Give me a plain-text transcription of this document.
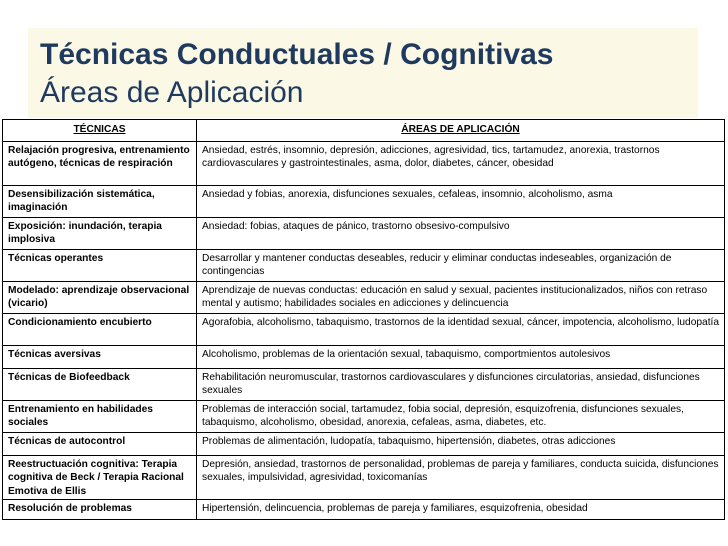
Técnicas Conductuales / Cognitivas
Áreas de Aplicación
TÉCNICAS	ÁREAS DE APLICACIÓN
Relajación progresiva, entrenamiento autógeno, técnicas de respiración	Ansiedad, estrés, insomnio, depresión, adicciones, agresividad, tics, tartamudez, anorexia, trastornos cardiovasculares y gastrointestinales, asma, dolor, diabetes, cáncer, obesidad
Desensibilización sistemática, imaginación	Ansiedad y fobias, anorexia, disfunciones sexuales, cefaleas, insomnio, alcoholismo, asma
Exposición: inundación, terapia implosiva	Ansiedad: fobias, ataques de pánico, trastorno obsesivo-compulsivo
Técnicas operantes	Desarrollar y mantener conductas deseables, reducir y eliminar conductas indeseables, organización de contingencias
Modelado: aprendizaje observacional (vicario)	Aprendizaje de nuevas conductas: educación en salud y sexual, pacientes institucionalizados, niños con retraso mental y autismo; habilidades sociales en adicciones y delincuencia
Condicionamiento encubierto	Agorafobia, alcoholismo, tabaquismo, trastornos de la identidad sexual, cáncer, impotencia, alcoholismo, ludopatía
Técnicas aversivas	Alcoholismo, problemas de la orientación sexual, tabaquismo, comportmientos autolesivos
Técnicas de Biofeedback	Rehabilitación neuromuscular, trastornos cardiovasculares y disfunciones circulatorias, ansiedad, disfunciones sexuales
Entrenamiento en habilidades sociales	Problemas de interacción social, tartamudez, fobia social, depresión, esquizofrenia, disfunciones sexuales, tabaquismo, alcoholismo, obesidad, anorexia, cefaleas, asma, diabetes, etc.
Técnicas de autocontrol	Problemas de alimentación, ludopatía, tabaquismo, hipertensión, diabetes, otras adicciones
Reestructuación cognitiva: Terapia cognitiva de Beck / Terapia Racional Emotiva de Ellis	Depresión, ansiedad, trastornos de personalidad, problemas de pareja y familiares, conducta suicida, disfunciones sexuales, impulsividad, agresividad, toxicomanías
Resolución de problemas	Hipertensión, delincuencia, problemas de pareja y familiares, esquizofrenia, obesidad
